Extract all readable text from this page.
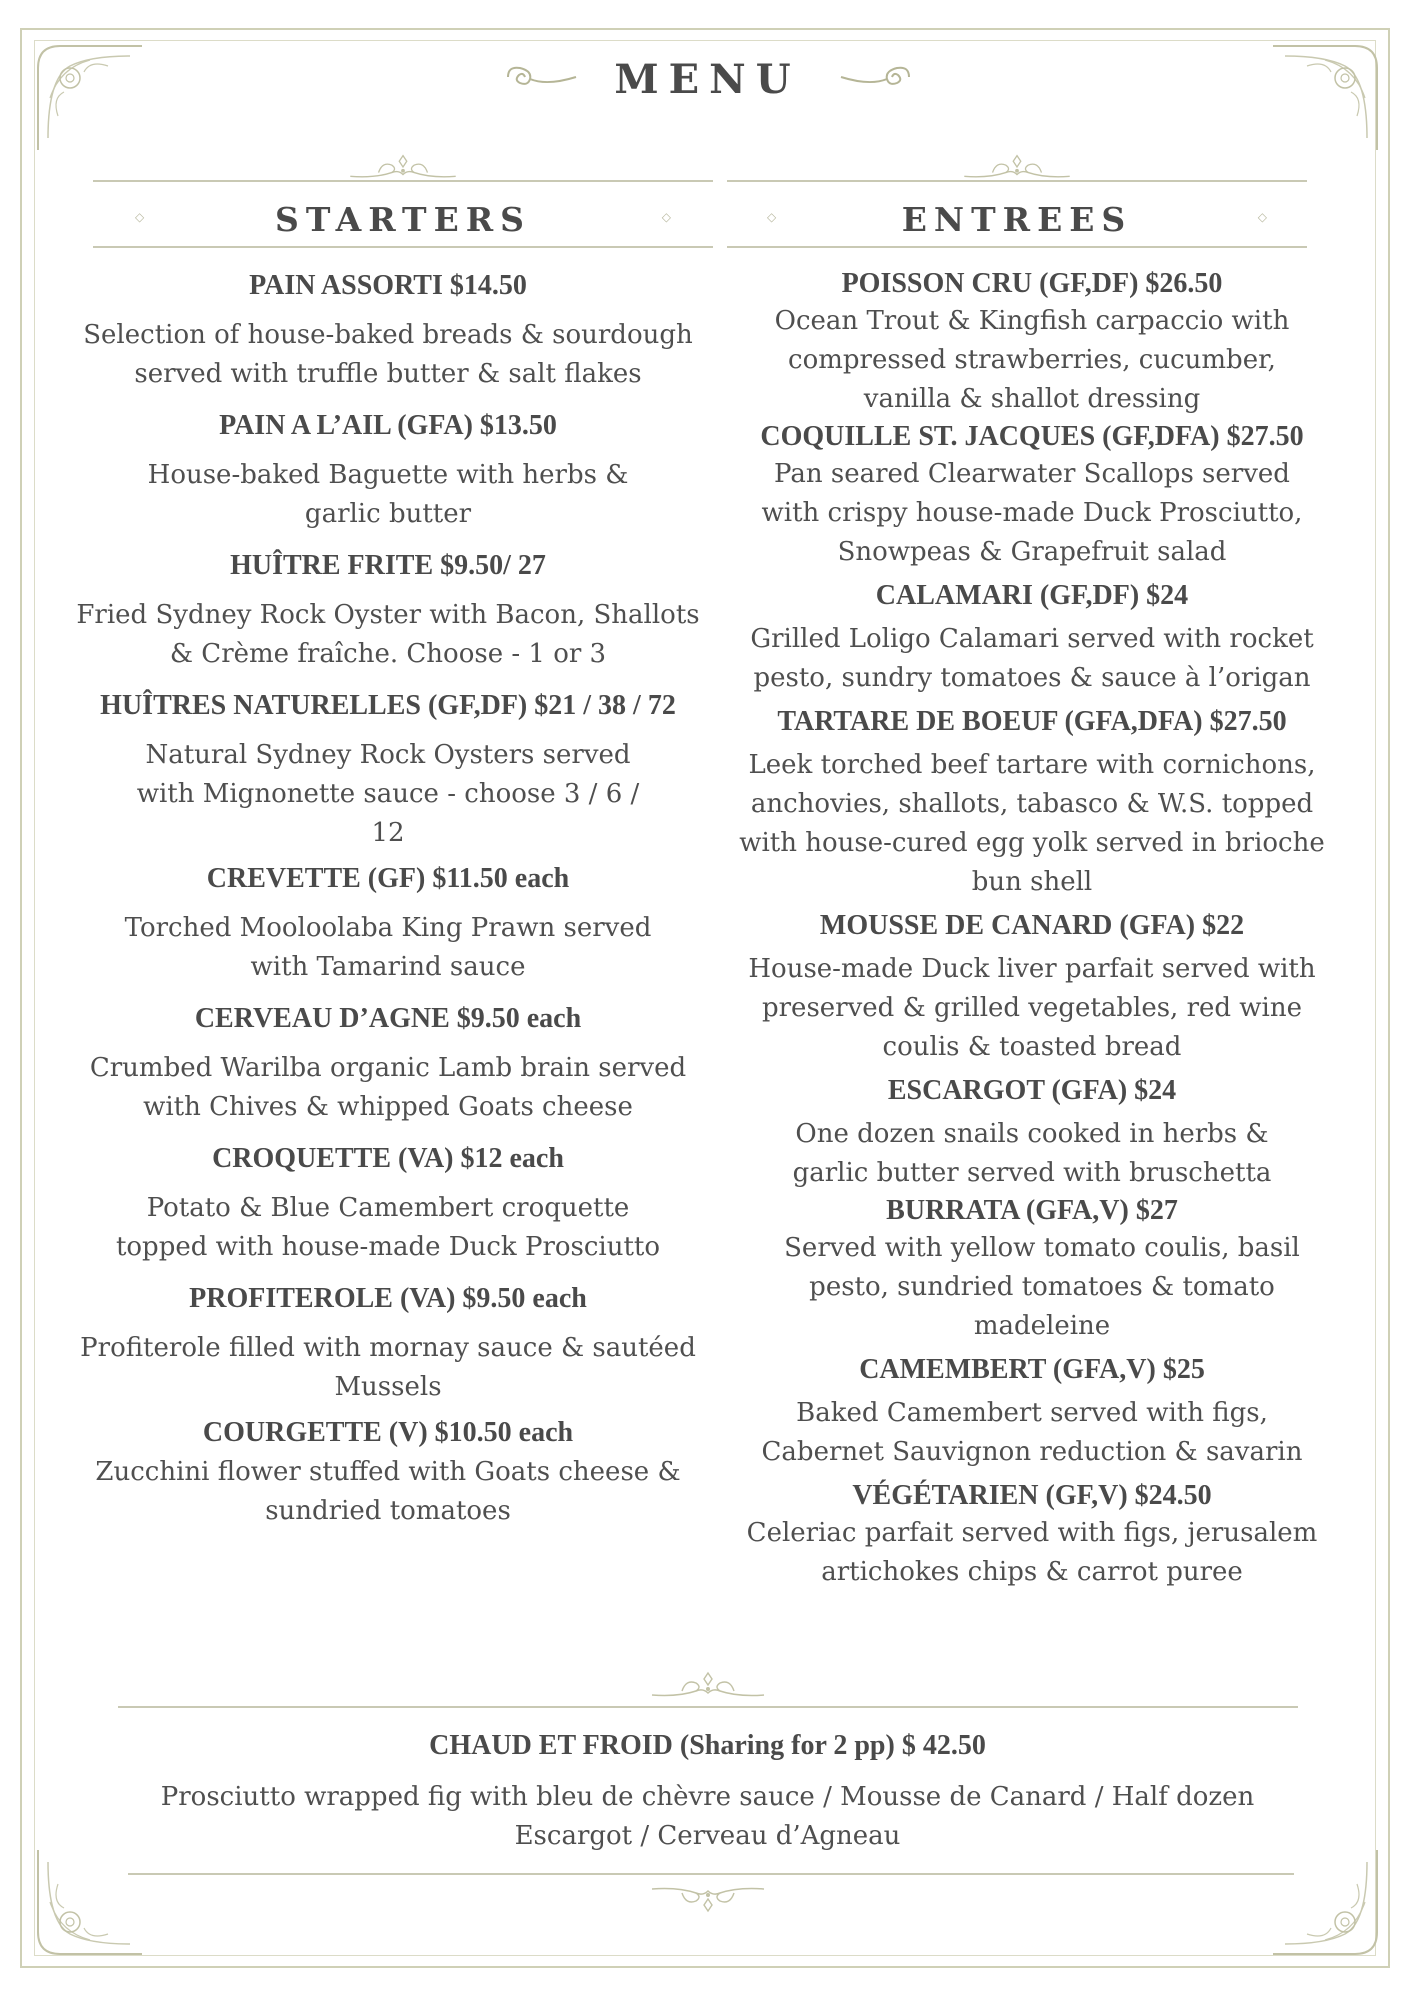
MENU
◇	STARTERS	◇	◇	ENTREES	◇

PAIN ASSORTI $14.50

Selection of house-baked breads & sourdough served with truffle butter & salt flakes

PAIN A L’AIL (GFA) $13.50

House-baked Baguette with herbs & garlic butter

HUÎTRE FRITE $9.50/ 27

Fried Sydney Rock Oyster with Bacon, Shallots & Crème fraîche. Choose - 1 or 3

HUÎTRES NATURELLES (GF,DF) $21 / 38 / 72

Natural Sydney Rock Oysters served with Mignonette sauce - choose 3 / 6 / 12

CREVETTE (GF) $11.50 each

Torched Mooloolaba King Prawn served with Tamarind sauce

CERVEAU D’AGNE $9.50 each

Crumbed Warilba organic Lamb brain served with Chives & whipped Goats cheese

CROQUETTE (VA) $12 each

Potato & Blue Camembert croquette topped with house-made Duck Prosciutto

PROFITEROLE (VA) $9.50 each

Profiterole filled with mornay sauce & sautéed Mussels

COURGETTE (V) $10.50 each

Zucchini flower stuffed with Goats cheese & sundried tomatoes

POISSON CRU (GF,DF) $26.50

Ocean Trout & Kingfish carpaccio with compressed strawberries, cucumber, vanilla & shallot dressing

COQUILLE ST. JACQUES (GF,DFA) $27.50

Pan seared Clearwater Scallops served with crispy house-made Duck Prosciutto, Snowpeas & Grapefruit salad

CALAMARI (GF,DF) $24

Grilled Loligo Calamari served with rocket pesto, sundry tomatoes & sauce à l’origan

TARTARE DE BOEUF (GFA,DFA) $27.50

Leek torched beef tartare with cornichons, anchovies, shallots, tabasco & W.S. topped with house-cured egg yolk served in brioche bun shell

MOUSSE DE CANARD (GFA) $22

House-made Duck liver parfait served with preserved & grilled vegetables, red wine coulis & toasted bread

ESCARGOT (GFA) $24

One dozen snails cooked in herbs & garlic butter served with bruschetta

BURRATA (GFA,V) $27

Served with yellow tomato coulis, basil pesto, sundried tomatoes & tomato madeleine

CAMEMBERT (GFA,V) $25

Baked Camembert served with figs, Cabernet Sauvignon reduction & savarin

VÉGÉTARIEN (GF,V) $24.50

Celeriac parfait served with figs, jerusalem artichokes chips & carrot puree

CHAUD ET FROID (Sharing for 2 pp) $ 42.50
Prosciutto wrapped fig with bleu de chèvre sauce / Mousse de Canard / Half dozen Escargot / Cerveau d’Agneau
